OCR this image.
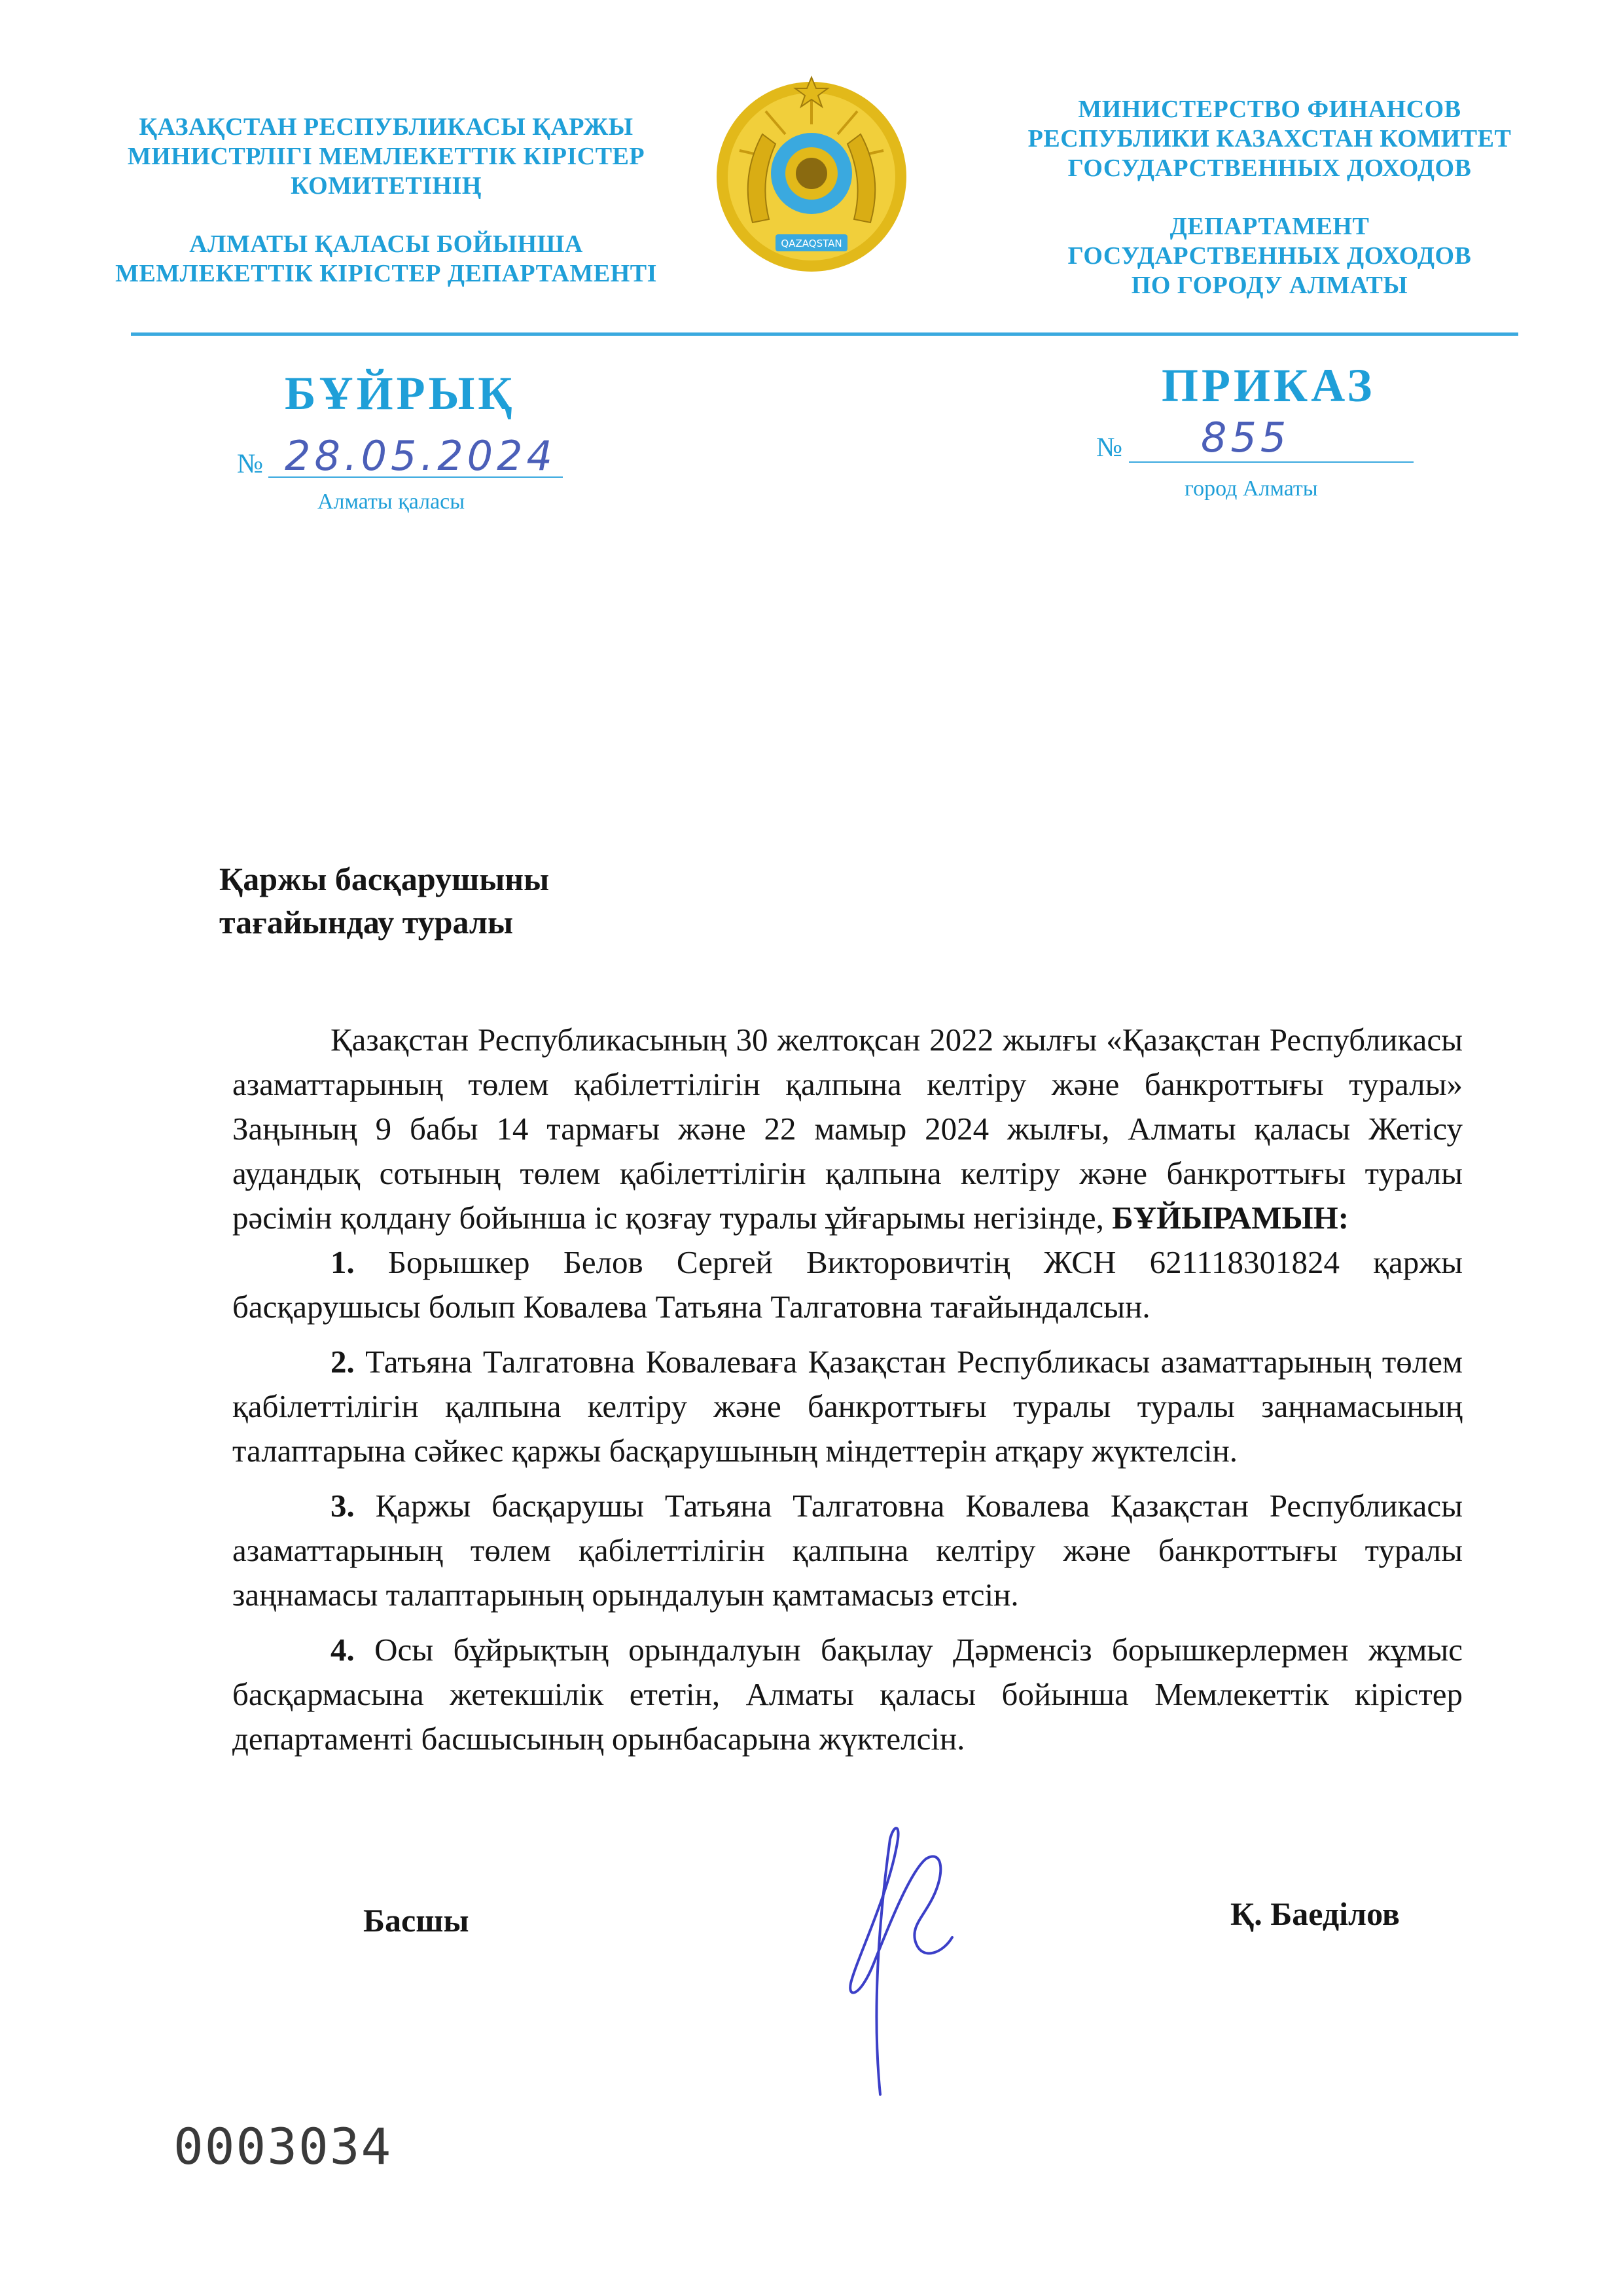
ҚАЗАҚСТАН РЕСПУБЛИКАСЫ ҚАРЖЫ

МИНИСТРЛІГІ МЕМЛЕКЕТТІК КІРІСТЕР

КОМИТЕТІНІҢ

АЛМАТЫ ҚАЛАСЫ БОЙЫНША

МЕМЛЕКЕТТІК КІРІСТЕР ДЕПАРТАМЕНТІ

QAZAQSTAN

МИНИСТЕРСТВО ФИНАНСОВ

РЕСПУБЛИКИ КАЗАХСТАН КОМИТЕТ

ГОСУДАРСТВЕННЫХ ДОХОДОВ

ДЕПАРТАМЕНТ

ГОСУДАРСТВЕННЫХ ДОХОДОВ

ПО ГОРОДУ АЛМАТЫ

БҰЙРЫҚ
№ 28.05.2024
Алматы қаласы
ПРИКАЗ
№ 855
город Алматы
Қаржы басқарушыны
тағайындау туралы

Қазақстан Республикасының 30 желтоқсан 2022 жылғы «Қазақстан Республикасы азаматтарының төлем қабілеттілігін қалпына келтіру және банкроттығы туралы» Заңының 9 бабы 14 тармағы және 22 мамыр 2024 жылғы, Алматы қаласы Жетісу аудандық сотының төлем қабілеттілігін қалпына келтіру және банкроттығы туралы рәсімін қолдану бойынша іс қозғау туралы ұйғарымы негізінде, БҰЙЫРАМЫН:

1. Борышкер Белов Сергей Викторовичтің ЖСН 621118301824 қаржы басқарушысы болып Ковалева Татьяна Талгатовна тағайындалсын.

2. Татьяна Талгатовна Ковалеваға Қазақстан Республикасы азаматтарының төлем қабілеттілігін қалпына келтіру және банкроттығы туралы туралы заңнамасының талаптарына сәйкес қаржы басқарушының міндеттерін атқару жүктелсін.

3. Қаржы басқарушы Татьяна Талгатовна Ковалева Қазақстан Республикасы азаматтарының төлем қабілеттілігін қалпына келтіру және банкроттығы туралы заңнамасы талаптарының орындалуын қамтамасыз етсін.

4. Осы бұйрықтың орындалуын бақылау Дәрменсіз борышкерлермен жұмыс басқармасына жетекшілік ететін, Алматы қаласы бойынша Мемлекеттік кірістер департаменті басшысының орынбасарына жүктелсін.

Басшы	Қ. Баеділов
0003034
